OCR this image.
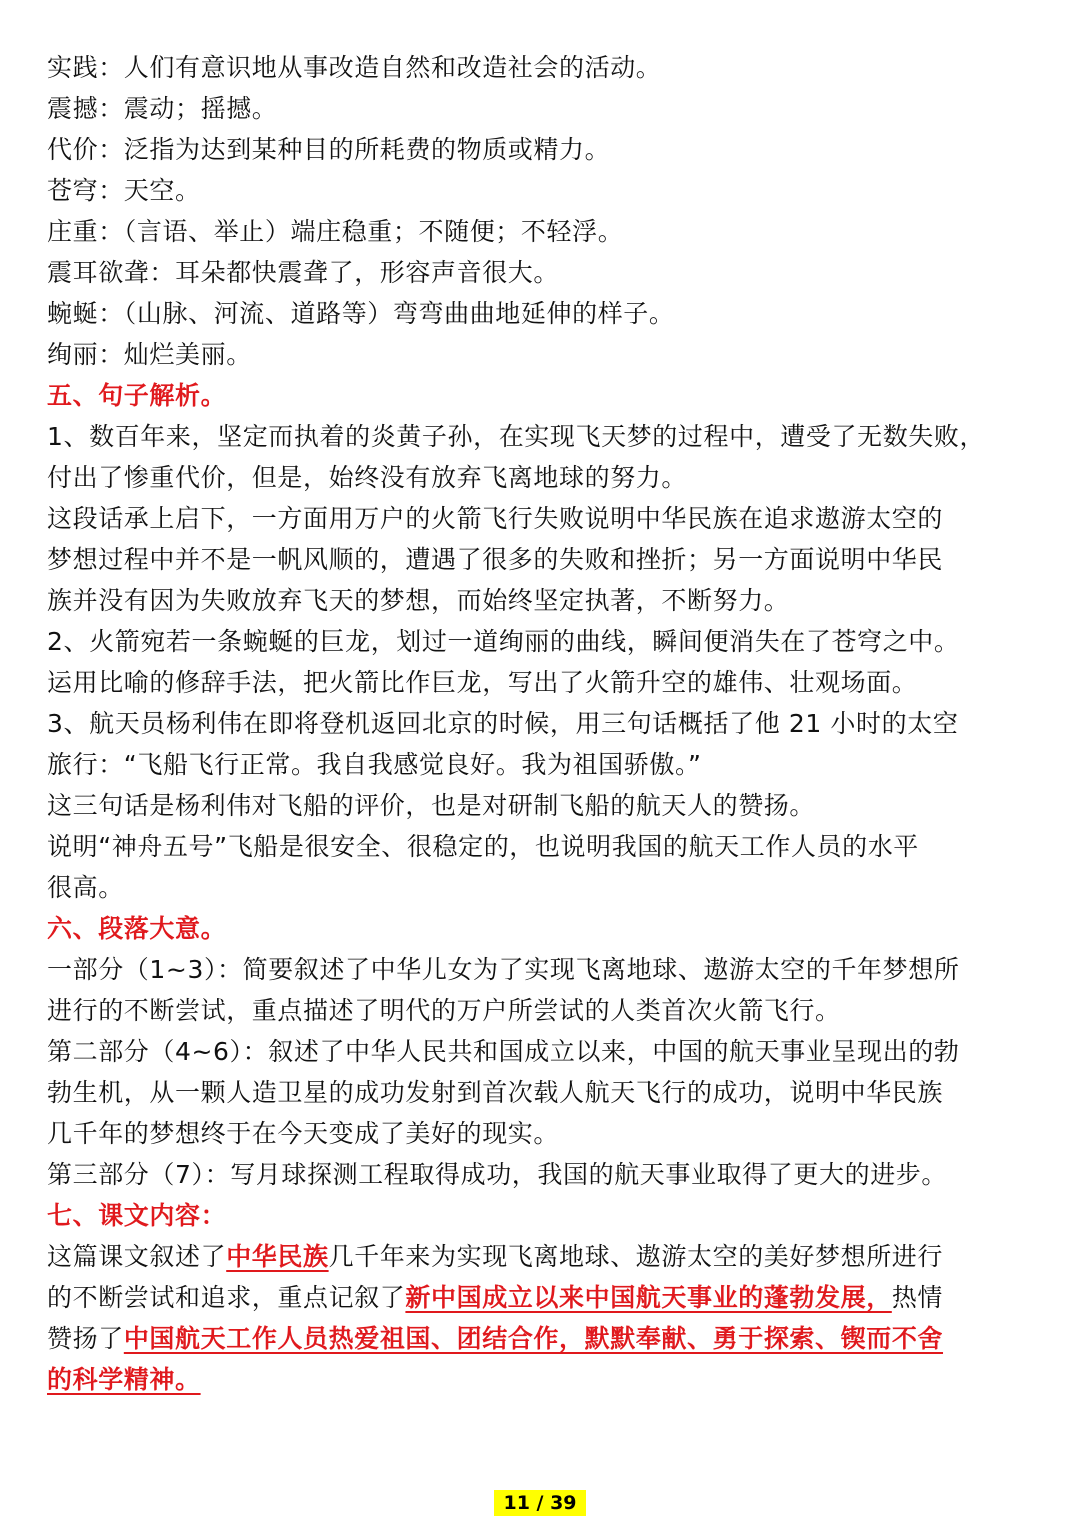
实践：人们有意识地从事改造自然和改造社会的活动。
震撼：震动；摇撼。
代价：泛指为达到某种目的所耗费的物质或精力。
苍穹：天空。
庄重：（言语、举止）端庄稳重；不随便；不轻浮。
震耳欲聋：耳朵都快震聋了，形容声音很大。
蜿蜒：（山脉、河流、道路等）弯弯曲曲地延伸的样子。
绚丽：灿烂美丽。
五、句子解析。
1、数百年来，坚定而执着的炎黄子孙，在实现飞天梦的过程中，遭受了无数失败，
付出了惨重代价，但是，始终没有放弃飞离地球的努力。
这段话承上启下，一方面用万户的火箭飞行失败说明中华民族在追求遨游太空的
梦想过程中并不是一帆风顺的，遭遇了很多的失败和挫折；另一方面说明中华民
族并没有因为失败放弃飞天的梦想，而始终坚定执著，不断努力。
2、火箭宛若一条蜿蜒的巨龙，划过一道绚丽的曲线，瞬间便消失在了苍穹之中。
运用比喻的修辞手法，把火箭比作巨龙，写出了火箭升空的雄伟、壮观场面。
3、航天员杨利伟在即将登机返回北京的时候，用三句话概括了他 21 小时的太空
旅行：“飞船飞行正常。我自我感觉良好。我为祖国骄傲。”
这三句话是杨利伟对飞船的评价，也是对研制飞船的航天人的赞扬。
说明“神舟五号”飞船是很安全、很稳定的，也说明我国的航天工作人员的水平
很高。
六、段落大意。
一部分（1~3）：简要叙述了中华儿女为了实现飞离地球、遨游太空的千年梦想所
进行的不断尝试，重点描述了明代的万户所尝试的人类首次火箭飞行。
第二部分（4~6）：叙述了中华人民共和国成立以来，中国的航天事业呈现出的勃
勃生机，从一颗人造卫星的成功发射到首次载人航天飞行的成功，说明中华民族
几千年的梦想终于在今天变成了美好的现实。
第三部分（7）：写月球探测工程取得成功，我国的航天事业取得了更大的进步。
七、课文内容：
这篇课文叙述了中华民族几千年来为实现飞离地球、遨游太空的美好梦想所进行
的不断尝试和追求，重点记叙了新中国成立以来中国航天事业的蓬勃发展，热情
赞扬了中国航天工作人员热爱祖国、团结合作，默默奉献、勇于探索、锲而不舍
的科学精神。
11 / 39
